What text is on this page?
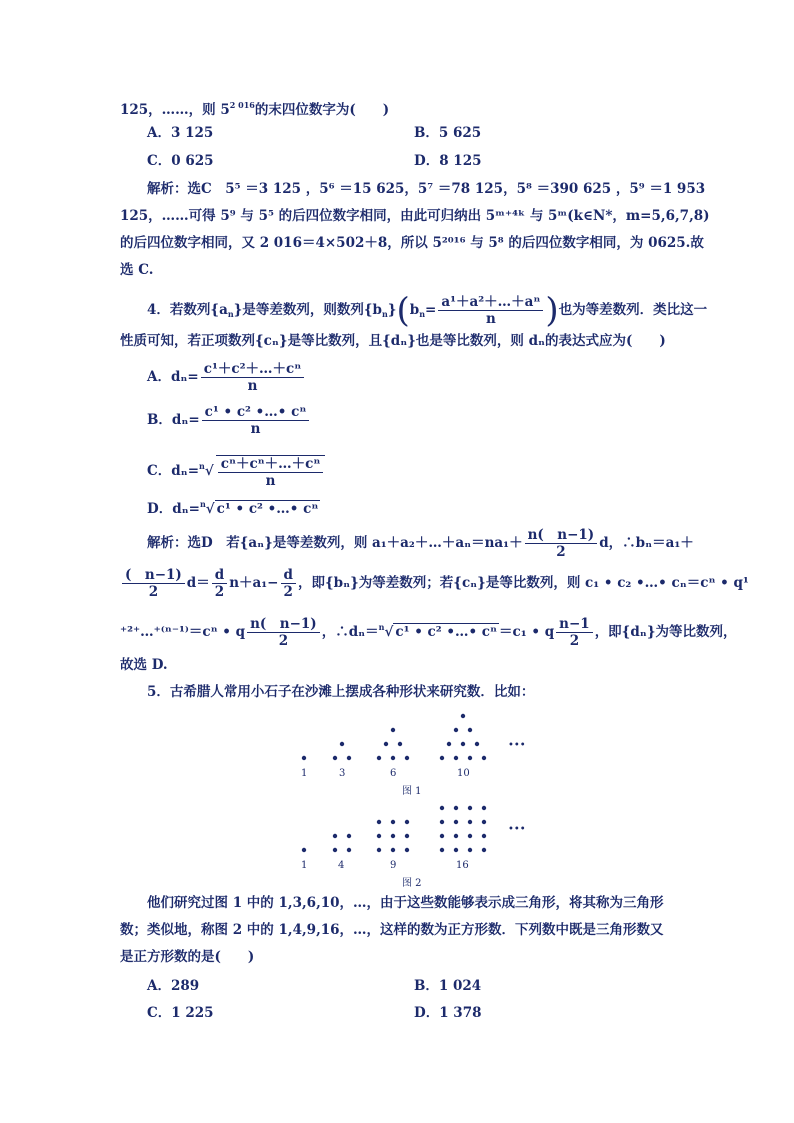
125，……，则 $5^{2 016}$的末四位数字为(　　)
A．3 125	B．5 625
C．0 625	D．8 125
解析：选C　5⁵ ＝3 125 ，5⁶ ＝15 625，5⁷ ＝78 125，5⁸ ＝390 625 ，5⁹ ＝1 953
125，……可得 5⁹ 与 5⁵ 的后四位数字相同，由此可归纳出 5ᵐ⁺⁴ᵏ 与 5ᵐ(k∈N*，m=5,6,7,8)
的后四位数字相同，又 2 016＝4×502＋8，所以 5²⁰¹⁶ 与 5⁸ 的后四位数字相同，为 0625.故
选 C.
4．若数列$\{a_n\}$是等差数列，则数列$\{b_n\}(b_n= \frac{\text{a¹＋a²＋…＋aⁿ}}{n}$ )也为等差数列．类比这一
性质可知，若正项数列{cₙ}是等比数列，且{dₙ}也是等比数列，则 dₙ的表达式应为(　　)
A．$d_n= \frac{\text{c¹＋c²＋…＋cⁿ}}{n}$
B．$d_n= \frac{\text{c¹ • c² •…• cⁿ}}{n}$
C．$d_n=^n√ \frac{\text{cⁿ＋cⁿ＋…＋cⁿ}}{n}$
D．dₙ=$^n$√ c¹ • c² •…• cⁿ
解析：选D　若{aₙ}是等差数列，则 a₁＋a₂＋…＋aₙ＝na₁＋ $\frac{n( n-1)}{2}$ d，∴bₙ＝a₁＋
$\frac{( n-1)}{2} d= \frac{d}{2} n+a_1- \frac{d}{2}$ ，即{bₙ}为等差数列；若{cₙ}是等比数列，则 c₁ • c₂ •…• cₙ＝cⁿ • q¹
⁺²⁺…⁺⁽ⁿ⁻¹⁾＝cⁿ • q $\frac{n( n-1)}{2}$ ，∴dₙ＝$^n$√ c¹ • c² •…• cⁿ ＝c₁ • q $\frac{n-1}{2}$ ，即{dₙ}为等比数列，
故选 D.
5．古希腊人常用小石子在沙滩上摆成各种形状来研究数．比如：
•••
1	3	6	10
图 1
•••
1	4	9	16
图 2
他们研究过图 1 中的 1,3,6,10，…，由于这些数能够表示成三角形，将其称为三角形
数；类似地，称图 2 中的 1,4,9,16，…，这样的数为正方形数．下列数中既是三角形数又
是正方形数的是(　　)
A．289	B．1 024
C．1 225	D．1 378
